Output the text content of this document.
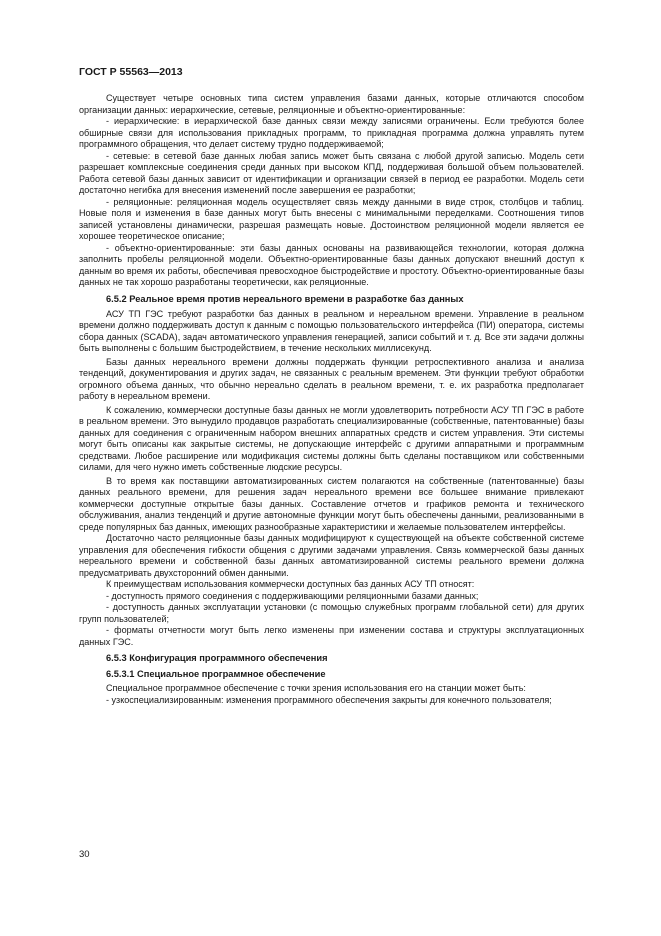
ГОСТ Р 55563—2013

Существует четыре основных типа систем управления базами данных, которые отличаются способом организации данных: иерархические, сетевые, реляционные и объектно-ориентированные:

- иерархические: в иерархической базе данных связи между записями ограничены. Если требуются более обширные связи для использования прикладных программ, то прикладная программа должна управлять путем программного обращения, что делает систему трудно поддерживаемой;

- сетевые: в сетевой базе данных любая запись может быть связана с любой другой записью. Модель сети разрешает комплексные соединения среди данных при высоком КПД, поддерживая большой объем пользователей. Работа сетевой базы данных зависит от идентификации и организации связей в период ее разработки. Модель сети достаточно негибка для внесения изменений после завершения ее разработки;

- реляционные: реляционная модель осуществляет связь между данными в виде строк, столбцов и таблиц. Новые поля и изменения в базе данных могут быть внесены с минимальными переделками. Соотношения типов записей установлены динамически, разрешая размещать новые. Достоинством реляционной модели является ее хорошее теоретическое описание;

- объектно-ориентированные: эти базы данных основаны на развивающейся технологии, которая должна заполнить пробелы реляционной модели. Объектно-ориентированные базы данных допускают внешний доступ к данным во время их работы, обеспечивая превосходное быстродействие и простоту. Объектно-ориентированные базы данных не так хорошо разработаны теоретически, как реляционные.

6.5.2 Реальное время против нереального времени в разработке баз данных

АСУ ТП ГЭС требуют разработки баз данных в реальном и нереальном времени. Управление в реальном времени должно поддерживать доступ к данным с помощью пользовательского интерфейса (ПИ) оператора, системы сбора данных (SCADA), задач автоматического управления генерацией, записи событий и т. д. Все эти задачи должны быть выполнены с большим быстродействием, в течение нескольких миллисекунд.

Базы данных нереального времени должны поддержать функции ретроспективного анализа и анализа тенденций, документирования и других задач, не связанных с реальным временем. Эти функции требуют обработки огромного объема данных, что обычно нереально сделать в реальном времени, т. е. их разработка предполагает работу в нереальном времени.

К сожалению, коммерчески доступные базы данных не могли удовлетворить потребности АСУ ТП ГЭС в работе в реальном времени. Это вынудило продавцов разработать специализированные (собственные, патентованные) базы данных для соединения с ограниченным набором внешних аппаратных средств и систем управления. Эти системы могут быть описаны как закрытые системы, не допускающие интерфейс с другими аппаратными и программным средствами. Любое расширение или модификация системы должны быть сделаны поставщиком или собственными силами, для чего нужно иметь собственные людские ресурсы.

В то время как поставщики автоматизированных систем полагаются на собственные (патентованные) базы данных реального времени, для решения задач нереального времени все большее внимание привлекают коммерчески доступные открытые базы данных. Составление отчетов и графиков ремонта и технического обслуживания, анализ тенденций и другие автономные функции могут быть обеспечены данными, реализованными в среде популярных баз данных, имеющих разнообразные характеристики и желаемые пользователем интерфейсы.

Достаточно часто реляционные базы данных модифицируют к существующей на объекте собственной системе управления для обеспечения гибкости общения с другими задачами управления. Связь коммерческой базы данных нереального времени и собственной базы данных автоматизированной системы реального времени должна предусматривать двухсторонний обмен данными.

К преимуществам использования коммерчески доступных баз данных АСУ ТП относят:

- доступность прямого соединения с поддерживающими реляционными базами данных;

- доступность данных эксплуатации установки (с помощью служебных программ глобальной сети) для других групп пользователей;

- форматы отчетности могут быть легко изменены при изменении состава и структуры эксплуатационных данных ГЭС.

6.5.3 Конфигурация программного обеспечения
6.5.3.1 Специальное программное обеспечение

Специальное программное обеспечение с точки зрения использования его на станции может быть:

- узкоспециализированным: изменения программного обеспечения закрыты для конечного пользователя;

30
